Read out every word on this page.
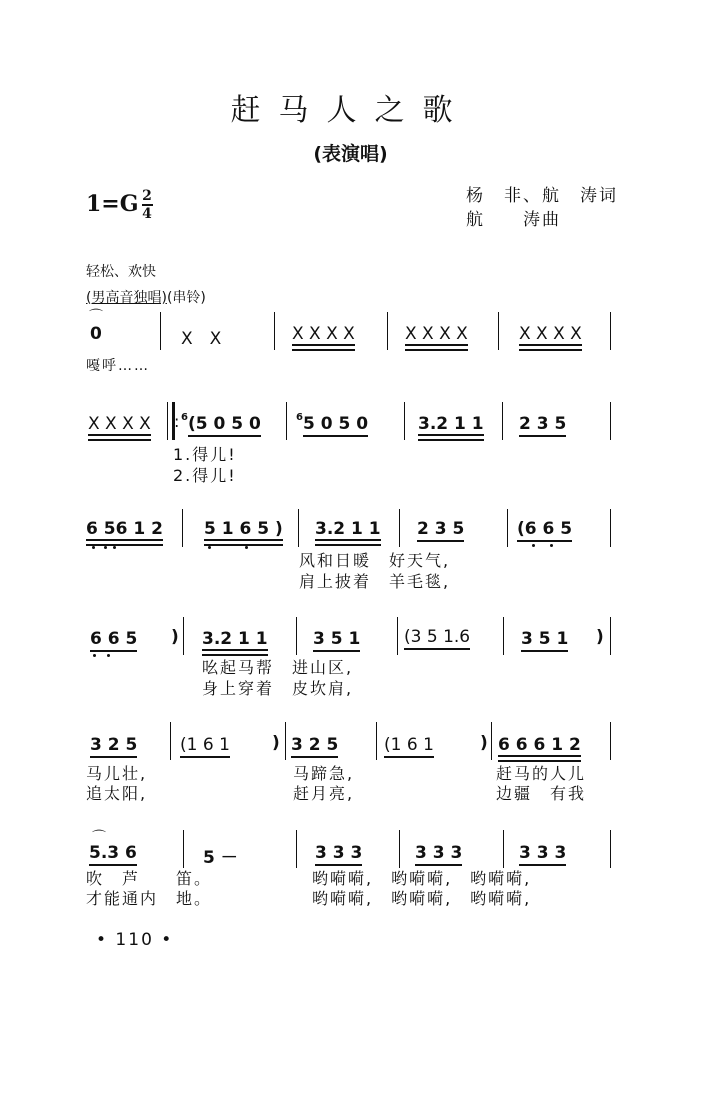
赶马人之歌
(表演唱)
$1=G \frac{2}{4}$	杨　非、航　涛词
航　　涛曲
轻松、欢快
(男高音独唱)(串铃)
⌒
0	X　X	X X X X	X X X X	X X X X
嘠呼……
X X X X : $^6$(5 0 5 0	$^6$5 0 5 0	3.2 1 1 2 3 5
1.得儿!
2.得儿!
6 56 1 2 5 1 6 5 ) 3.2 1 1 2 3 5	(6 6 5
风和日暖　好天气,
肩上披着　羊毛毯,
6 6 5 ) 3.2 1 1	3 5 1	(3 5 1.6	3 5 1 )
吆起马帮　进山区,
身上穿着　皮坎肩,
3 2 5	(1 6 1 ) 3 2 5	(1 6 1	) 6 6 6 1 2
马儿壮,	马蹄急,	赶马的人儿
追太阳,	赶月亮,	边疆　有我
⌒
5.3 6	5 －	3 3 3	3 3 3	3 3 3
吹　芦　　笛。	哟嗬嗬,　哟嗬嗬,　哟嗬嗬,
才能通内　地。	哟嗬嗬,　哟嗬嗬,　哟嗬嗬,
• 110 •
